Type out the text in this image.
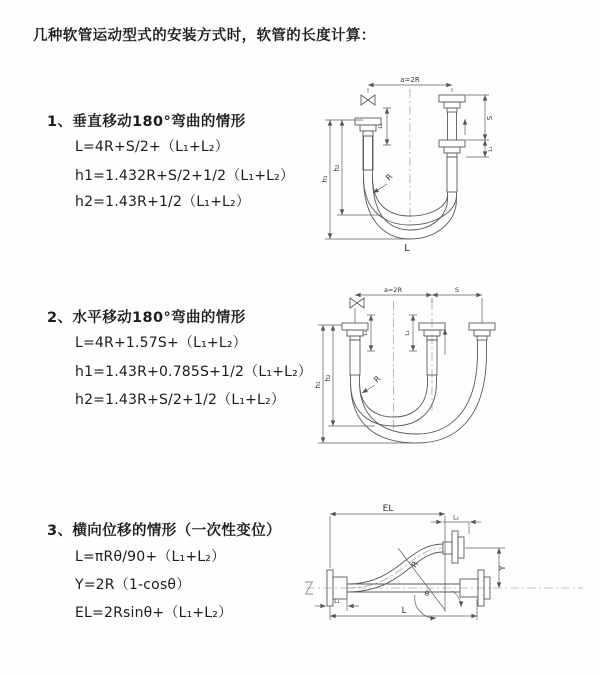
几种软管运动型式的安装方式时，软管的长度计算：
1、垂直移动180°弯曲的情形
L=4R+S/2+（L₁+L₂）
h1=1.432R+S/2+1/2（L₁+L₂）
h2=1.43R+1/2（L₁+L₂）
2、水平移动180°弯曲的情形
L=4R+1.57S+（L₁+L₂）
h1=1.43R+0.785S+1/2（L₁+L₂）
h2=1.43R+S/2+1/2（L₁+L₂）
3、横向位移的情形（一次性变位）
L=πRθ/90+（L₁+L₂）
Y=2R（1-cosθ）
EL=2Rsinθ+（L₁+L₂）
a=2R
S
L₂
L₁
h₁
h₂
R
L
a=2R	S
L₁	L₂
h₁
h₂	R
EL
L₂
Y
R
θ
L
L₁
